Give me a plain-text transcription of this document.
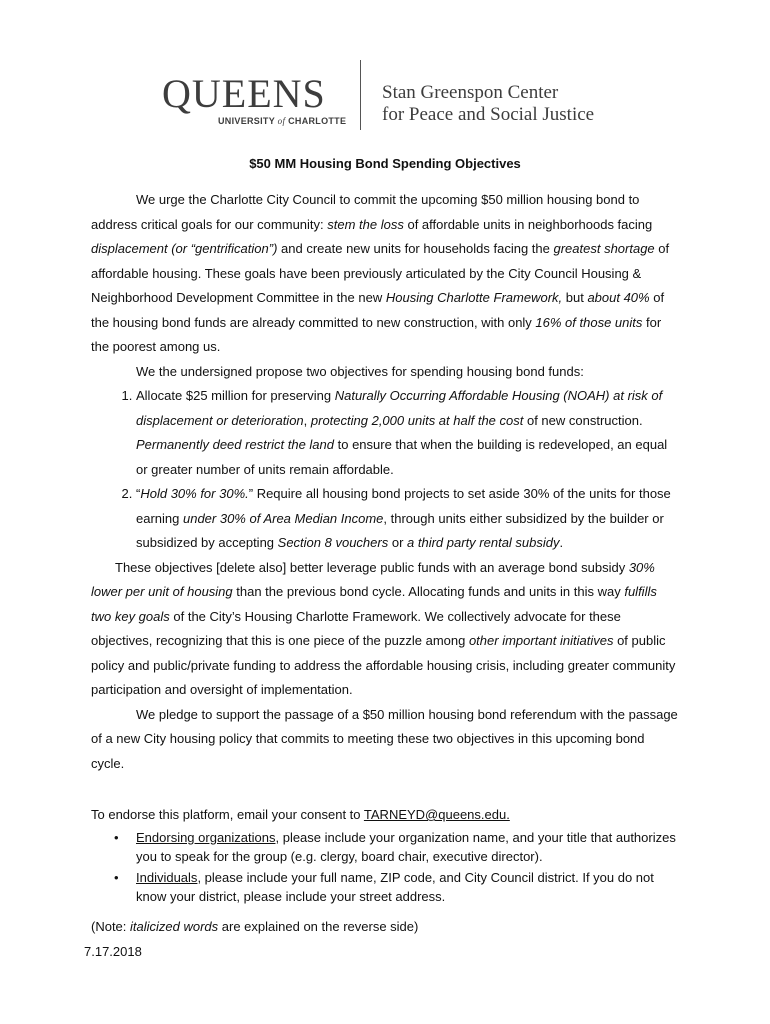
QUEENS
UNIVERSITY of CHARLOTTE
Stan Greenspon Center
for Peace and Social Justice
$50 MM Housing Bond Spending Objectives

We urge the Charlotte City Council to commit the upcoming $50 million housing bond to address critical goals for our community: stem the loss of affordable units in neighborhoods facing displacement (or “gentrification”) and create new units for households facing the greatest shortage of affordable housing. These goals have been previously articulated by the City Council Housing & Neighborhood Development Committee in the new Housing Charlotte Framework, but about 40% of the housing bond funds are already committed to new construction, with only 16% of those units for the poorest among us.

We the undersigned propose two objectives for spending housing bond funds:

1. Allocate $25 million for preserving Naturally Occurring Affordable Housing (NOAH) at risk of displacement or deterioration, protecting 2,000 units at half the cost of new construction. Permanently deed restrict the land to ensure that when the building is redeveloped, an equal or greater number of units remain affordable.
2. “Hold 30% for 30%.” Require all housing bond projects to set aside 30% of the units for those earning under 30% of Area Median Income, through units either subsidized by the builder or subsidized by accepting Section 8 vouchers or a third party rental subsidy.

These objectives [delete also] better leverage public funds with an average bond subsidy 30% lower per unit of housing than the previous bond cycle. Allocating funds and units in this way fulfills two key goals of the City’s Housing Charlotte Framework. We collectively advocate for these objectives, recognizing that this is one piece of the puzzle among other important initiatives of public policy and public/private funding to address the affordable housing crisis, including greater community participation and oversight of implementation.

We pledge to support the passage of a $50 million housing bond referendum with the passage of a new City housing policy that commits to meeting these two objectives in this upcoming bond cycle.

To endorse this platform, email your consent to TARNEYD@queens.edu.

• Endorsing organizations, please include your organization name, and your title that authorizes you to speak for the group (e.g. clergy, board chair, executive director).
• Individuals, please include your full name, ZIP code, and City Council district. If you do not know your district, please include your street address.
(Note: italicized words are explained on the reverse side)
7.17.2018
